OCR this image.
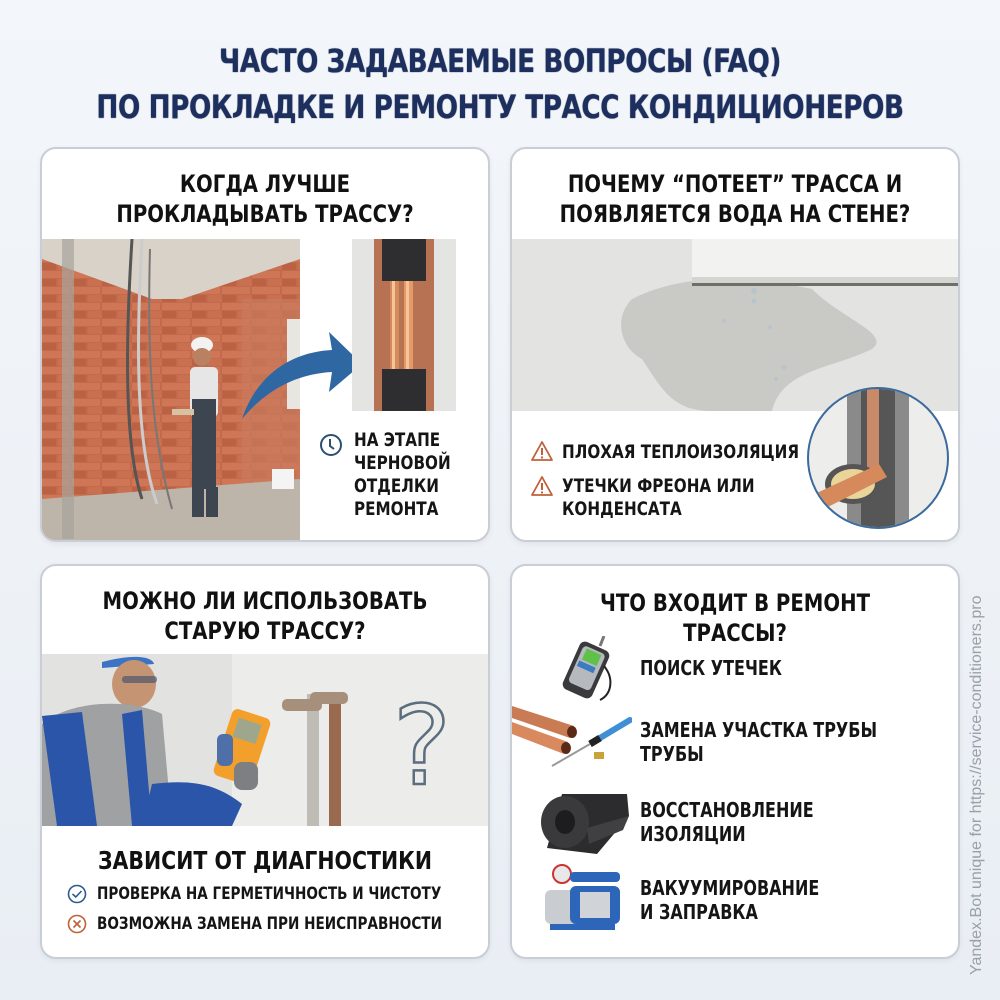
ЧАСТО ЗАДАВАЕМЫЕ ВОПРОСЫ (FAQ)
ПО ПРОКЛАДКЕ И РЕМОНТУ ТРАСС КОНДИЦИОНЕРОВ
КОГДА ЛУЧШЕ
ПРОКЛАДЫВАТЬ ТРАССУ?
НА ЭТАПЕ
ЧЕРНОВОЙ
ОТДЕЛКИ
РЕМОНТА
ПОЧЕМУ “ПОТЕЕТ” ТРАССА И
ПОЯВЛЯЕТСЯ ВОДА НА СТЕНЕ?
ПЛОХАЯ ТЕПЛОИЗОЛЯЦИЯ
УТЕЧКИ ФРЕОНА ИЛИ
КОНДЕНСАТА
МОЖНО ЛИ ИСПОЛЬЗОВАТЬ
СТАРУЮ ТРАССУ?
?
ЗАВИСИТ ОТ ДИАГНОСТИКИ
ПРОВЕРКА НА ГЕРМЕТИЧНОСТЬ И ЧИСТОТУ
ВОЗМОЖНА ЗАМЕНА ПРИ НЕИСПРАВНОСТИ
ЧТО ВХОДИТ В РЕМОНТ ТРАССЫ?
ПОИСК УТЕЧЕК
ЗАМЕНА УЧАСТКА ТРУБЫ
ТРУБЫ
ВОССТАНОВЛЕНИЕ
ИЗОЛЯЦИИ
ВАКУУМИРОВАНИЕ
И ЗАПРАВКА	Yandex.Bot unique for https://service-conditioners.pro
